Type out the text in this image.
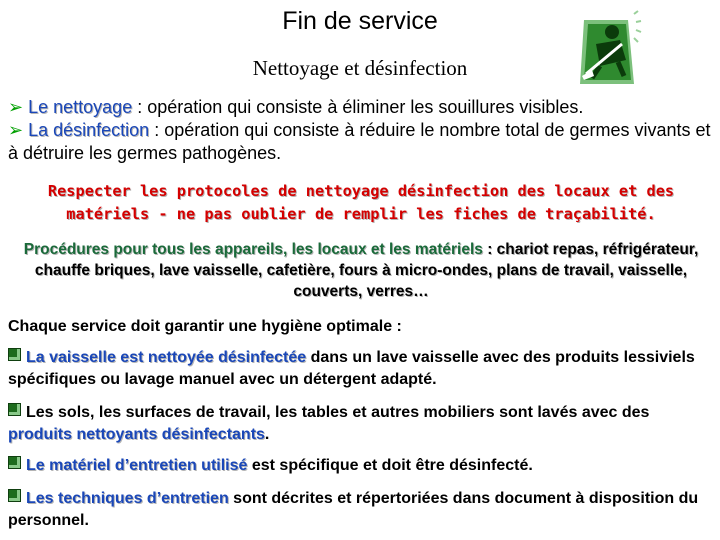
Fin de service
Nettoyage et désinfection
➢ Le nettoyage : opération qui consiste à éliminer les souillures visibles.
➢ La désinfection : opération qui consiste à réduire le nombre total de germes vivants et à détruire les germes pathogènes.
Respecter les protocoles de nettoyage désinfection des locaux et des matériels - ne pas oublier de remplir les fiches de traçabilité.
Procédures pour tous les appareils, les locaux et les matériels : chariot repas, réfrigérateur, chauffe briques, lave vaisselle, cafetière, fours à micro-ondes, plans de travail, vaisselle, couverts, verres…
Chaque service doit garantir une hygiène optimale :
La vaisselle est nettoyée désinfectée dans un lave vaisselle avec des produits lessiviels spécifiques ou lavage manuel avec un détergent adapté.
Les sols, les surfaces de travail, les tables et autres mobiliers sont lavés avec des produits nettoyants désinfectants.
Le matériel d’entretien utilisé est spécifique et doit être désinfecté.
Les techniques d’entretien sont décrites et répertoriées dans document à disposition du personnel.
